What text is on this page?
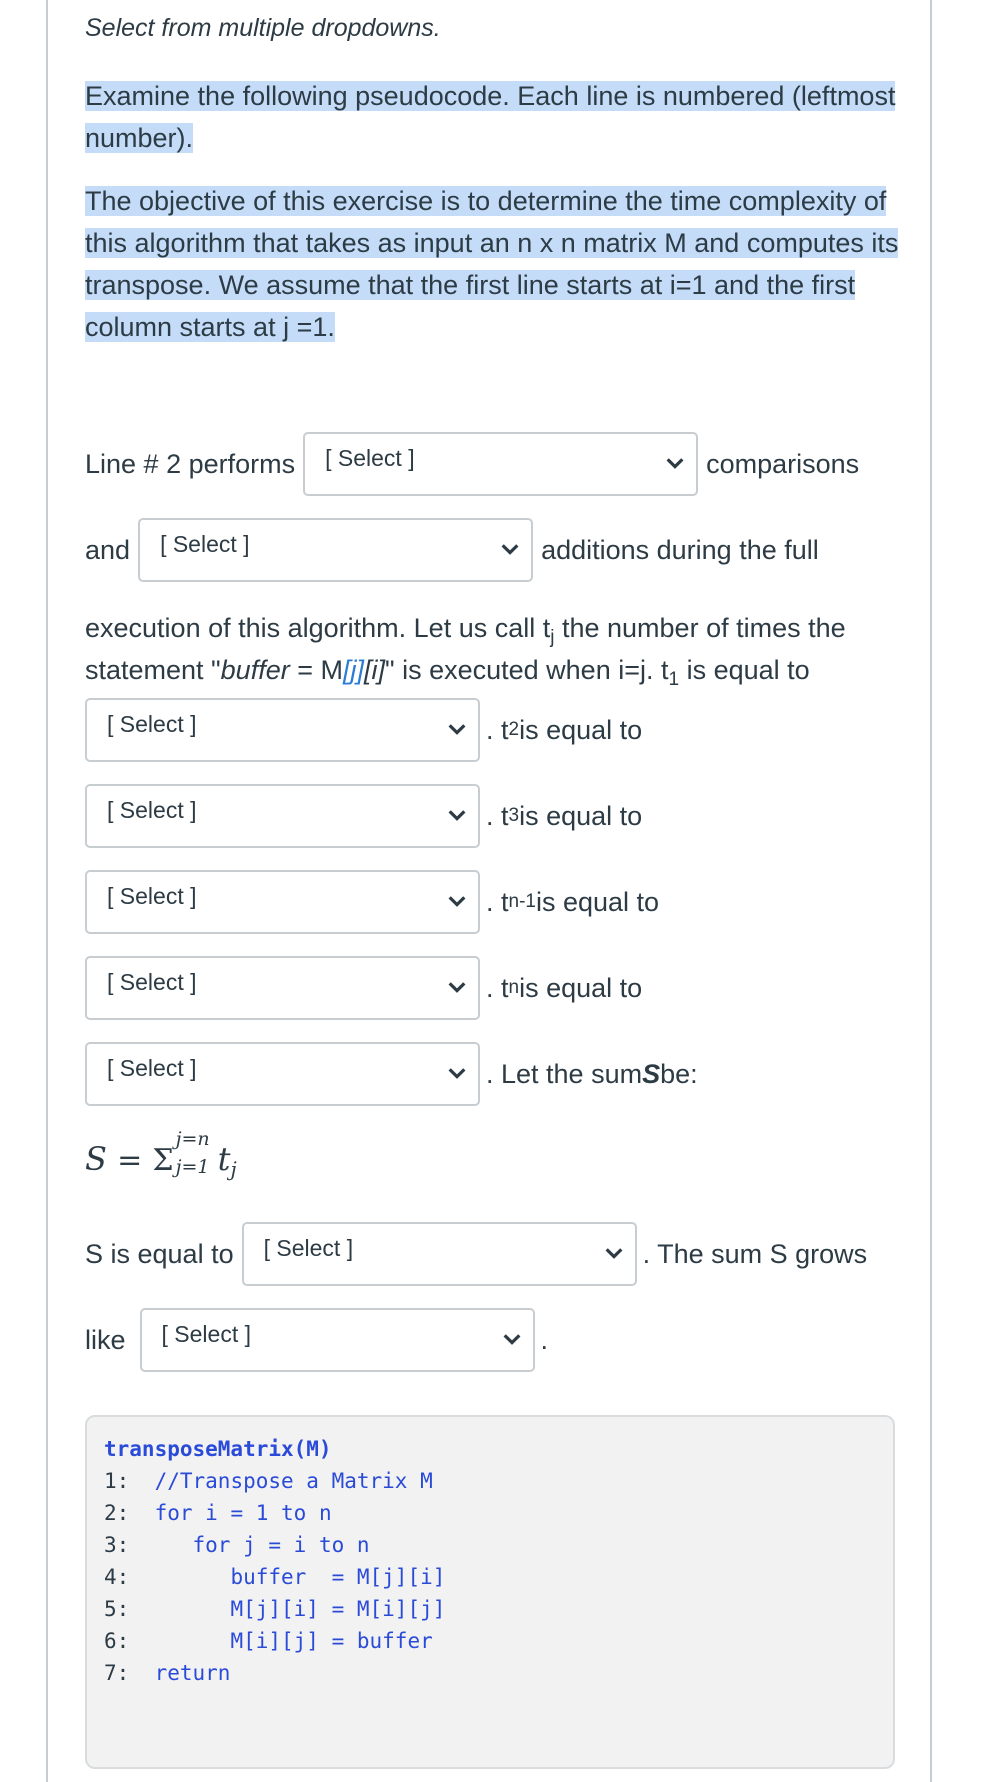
Select from multiple dropdowns.
Examine the following pseudocode. Each line is numbered (leftmost number).
The objective of this exercise is to determine the time complexity of this algorithm that takes as input an n x n matrix M and computes its transpose. We assume that the first line starts at i=1 and the first column starts at j =1.
Line # 2 performs [ Select ]	comparisons
and [ Select ]	additions during the full
execution of this algorithm. Let us call $t_j$ the number of times the
statement "buffer = M[j][i]" is executed when i=j. $t_1$ is equal to
[ Select ]	. t 2 is equal to
[ Select ]	. t 3 is equal to
[ Select ]	. t n-1 is equal to
[ Select ]	. t n is equal to
[ Select ]	. Let the sum S be:
S = Σ
j=n
j=1 $t_j$
S is equal to [ Select ]	. The sum S grows
like [ Select ]	.
transposeMatrix(M)
1:  //Transpose a Matrix M
2:  for i = 1 to n
3:     for j = i to n
4:        buffer  = M[j][i]
5:        M[j][i] = M[i][j]
6:        M[i][j] = buffer
7:  return
